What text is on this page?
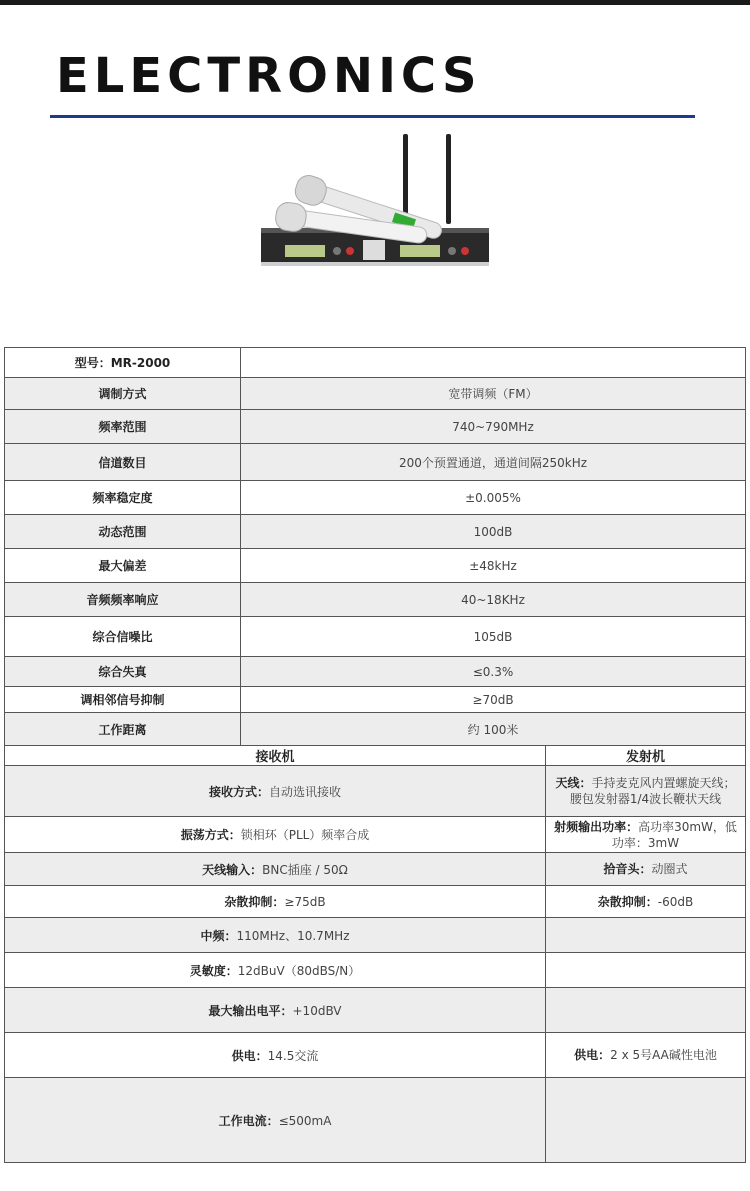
ELECTRONICS
型号：MR-2000	
调制方式	宽带调频（FM）
频率范围	740~790MHz
信道数目	200个预置通道，通道间隔250kHz
频率稳定度	±0.005%
动态范围	100dB
最大偏差	±48kHz
音频频率响应	40~18KHz
综合信噪比	105dB
综合失真	≤0.3%
调相邻信号抑制	≥70dB
工作距离	约 100米
接收机	发射机
接收方式：自动选讯接收	天线：手持麦克风内置螺旋天线；腰包发射器1/4波长鞭状天线
振荡方式：锁相环（PLL）频率合成	射频输出功率：高功率30mW，低功率：3mW
天线输入：BNC插座 / 50Ω	拾音头：动圈式
杂散抑制：≥75dB	杂散抑制：-60dB
中频：110MHz、10.7MHz	
灵敏度：12dBuV（80dBS/N）	
最大输出电平：+10dBV	
供电：14.5交流	供电：2 x 5号AA碱性电池
工作电流：≤500mA	
